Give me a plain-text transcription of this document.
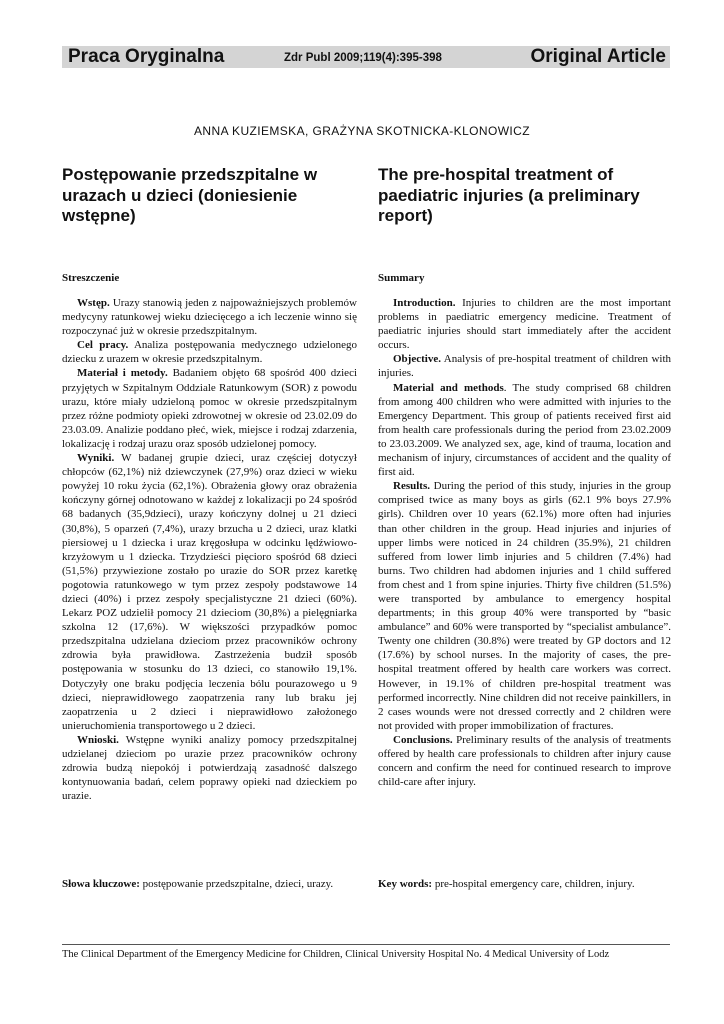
Praca Oryginalna	Zdr Publ 2009;119(4):395-398	Original Article
ANNA KUZIEMSKA, GRAŻYNA SKOTNICKA-KLONOWICZ
Postępowanie przedszpitalne w urazach u dzieci (doniesienie wstępne)
The pre-hospital treatment of paediatric injuries (a preliminary report)
Streszczenie	Summary

Wstęp. Urazy stanowią jeden z najpoważniejszych problemów medycyny ratunkowej wieku dziecięcego a ich leczenie winno się rozpoczynać już w okresie przedszpitalnym.

Cel pracy. Analiza postępowania medycznego udzielonego dziecku z urazem w okresie przedszpitalnym.

Materiał i metody. Badaniem objęto 68 spośród 400 dzieci przyjętych w Szpitalnym Oddziale Ratunkowym (SOR) z powodu urazu, które miały udzieloną pomoc w okresie przedszpitalnym przez różne podmioty opieki zdrowotnej w okresie od 23.02.09 do 23.03.09. Analizie poddano płeć, wiek, miejsce i rodzaj zdarzenia, lokalizację i rodzaj urazu oraz sposób udzielonej pomocy.

Wyniki. W badanej grupie dzieci, uraz częściej dotyczył chłopców (62,1%) niż dziewczynek (27,9%) oraz dzieci w wieku powyżej 10 roku życia (62,1%). Obrażenia głowy oraz obrażenia kończyny górnej odnotowano w każdej z lokalizacji po 24 spośród 68 badanych (35,9dzieci), urazy kończyny dolnej u 21 dzieci (30,8%), 5 oparzeń (7,4%), urazy brzucha u 2 dzieci, uraz klatki piersiowej u 1 dziecka i uraz kręgosłupa w odcinku lędźwiowo-krzyżowym u 1 dziecka. Trzydzieści pięcioro spośród 68 dzieci (51,5%) przywiezione zostało po urazie do SOR przez karetkę pogotowia ratunkowego w tym przez zespoły podstawowe 14 dzieci (40%) i przez zespoły specjalistyczne 21 dzieci (60%). Lekarz POZ udzielił pomocy 21 dzieciom (30,8%) a pielęgniarka szkolna 12 (17,6%). W większości przypadków pomoc przedszpitalna udzielana dzieciom przez pracowników ochrony zdrowia była prawidłowa. Zastrzeżenia budził sposób postępowania w stosunku do 13 dzieci, co stanowiło 19,1%. Dotyczyły one braku podjęcia leczenia bólu pourazowego u 9 dzieci, nieprawidłowego zaopatrzenia rany lub braku jej zaopatrzenia u 2 dzieci i nieprawidłowo założonego unieruchomienia transportowego u 2 dzieci.

Wnioski. Wstępne wyniki analizy pomocy przedszpitalnej udzielanej dzieciom po urazie przez pracowników ochrony zdrowia budzą niepokój i potwierdzają zasadność dalszego kontynuowania badań, celem poprawy opieki nad dzieckiem po urazie.

Introduction. Injuries to children are the most important problems in paediatric emergency medicine. Treatment of paediatric injuries should start immediately after the accident occurs.

Objective. Analysis of pre-hospital treatment of children with injuries.

Material and methods. The study comprised 68 children from among 400 children who were admitted with injuries to the Emergency Department. This group of patients received first aid from health care professionals during the period from 23.02.2009 to 23.03.2009. We analyzed sex, age, kind of trauma, location and mechanism of injury, circumstances of accident and the quality of first aid.

Results. During the period of this study, injuries in the group comprised twice as many boys as girls (62.1 9% boys 27.9% girls). Children over 10 years (62.1%) more often had injuries than other children in the group. Head injuries and injuries of upper limbs were noticed in 24 children (35.9%), 21 children suffered from lower limb injuries and 5 children (7.4%) had burns. Two children had abdomen injuries and 1 child suffered from chest and 1 from spine injuries. Thirty five children (51.5%) were transported by ambulance to emergency hospital departments; in this group 40% were transported by “basic ambulance” and 60% were transported by “specialist ambulance”. Twenty one children (30.8%) were treated by GP doctors and 12 (17.6%) by school nurses. In the majority of cases, the pre-hospital treatment offered by health care workers was correct. However, in 19.1% of children pre-hospital treatment was performed incorrectly. Nine children did not receive painkillers, in 2 cases wounds were not dressed correctly and 2 children were not provided with proper immobilization of fractures.

Conclusions. Preliminary results of the analysis of treatments offered by health care professionals to children after injury cause concern and confirm the need for continued research to improve child-care after injury.

Słowa kluczowe: postępowanie przedszpitalne, dzieci, urazy.	Key words: pre-hospital emergency care, children, injury.
The Clinical Department of the Emergency Medicine for Children, Clinical University Hospital No. 4 Medical University of Lodz
